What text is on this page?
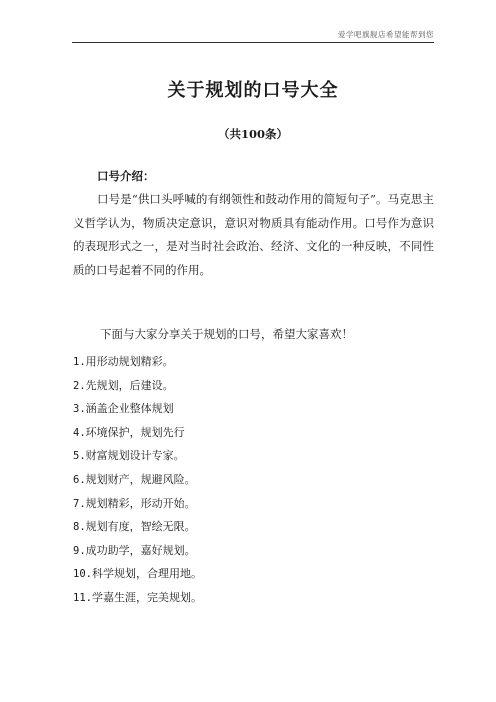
爱学吧旗舰店希望能帮到您
关于规划的口号大全
（共100条）
口号介绍：

口号是“供口头呼喊的有纲领性和鼓动作用的简短句子”。马克思主义哲学认为，物质决定意识，意识对物质具有能动作用。口号作为意识的表现形式之一，是对当时社会政治、经济、文化的一种反映，不同性质的口号起着不同的作用。

下面与大家分享关于规划的口号，希望大家喜欢！
1.用形动规划精彩。
2.先规划，后建设。
3.涵盖企业整体规划
4.环境保护，规划先行
5.财富规划设计专家。
6.规划财产，规避风险。
7.规划精彩，形动开始。
8.规划有度，智绘无限。
9.成功助学，嘉好规划。
10.科学规划，合理用地。
11.学嘉生涯，完美规划。
